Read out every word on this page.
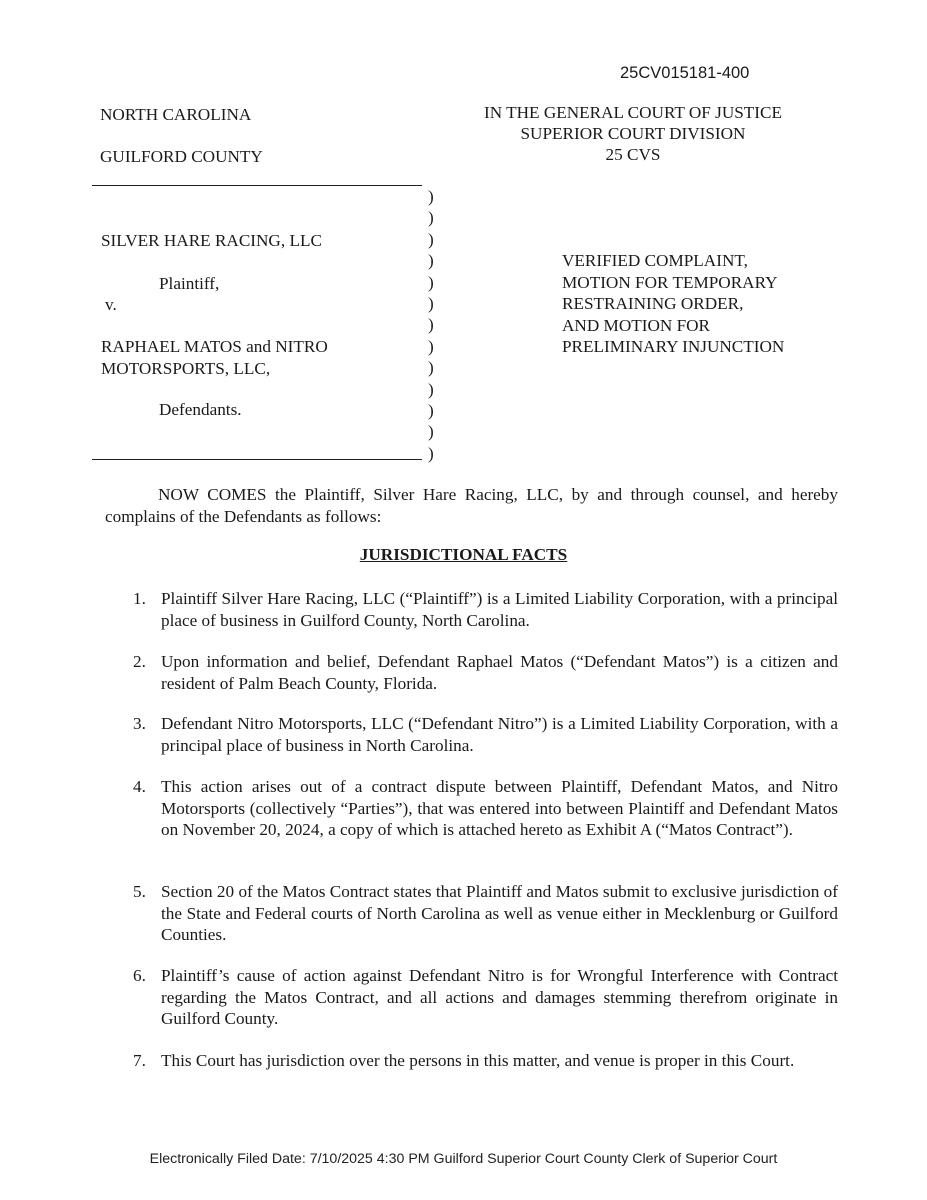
25CV015181-400
NORTH CAROLINA
GUILFORD COUNTY
IN THE GENERAL COURT OF JUSTICE
SUPERIOR COURT DIVISION
25 CVS
)
)
)
)
)
)
)
)
)
)
)
)
)
SILVER HARE RACING, LLC
Plaintiff,
v.
RAPHAEL MATOS and NITRO
MOTORSPORTS, LLC,
Defendants.
VERIFIED COMPLAINT,
MOTION FOR TEMPORARY
RESTRAINING ORDER,
AND MOTION FOR
PRELIMINARY INJUNCTION
NOW COMES the Plaintiff, Silver Hare Racing, LLC, by and through counsel, and hereby complains of the Defendants as follows:
JURISDICTIONAL FACTS
1. Plaintiff Silver Hare Racing, LLC (“Plaintiff”) is a Limited Liability Corporation, with a principal place of business in Guilford County, North Carolina.
2. Upon information and belief, Defendant Raphael Matos (“Defendant Matos”) is a citizen and resident of Palm Beach County, Florida.
3. Defendant Nitro Motorsports, LLC (“Defendant Nitro”) is a Limited Liability Corporation, with a principal place of business in North Carolina.
4. This action arises out of a contract dispute between Plaintiff, Defendant Matos, and Nitro Motorsports (collectively “Parties”), that was entered into between Plaintiff and Defendant Matos on November 20, 2024, a copy of which is attached hereto as Exhibit A (“Matos Contract”).
5. Section 20 of the Matos Contract states that Plaintiff and Matos submit to exclusive jurisdiction of the State and Federal courts of North Carolina as well as venue either in Mecklenburg or Guilford Counties.
6. Plaintiff’s cause of action against Defendant Nitro is for Wrongful Interference with Contract regarding the Matos Contract, and all actions and damages stemming therefrom originate in Guilford County.
7. This Court has jurisdiction over the persons in this matter, and venue is proper in this Court.
Electronically Filed Date: 7/10/2025 4:30 PM Guilford Superior Court County Clerk of Superior Court
